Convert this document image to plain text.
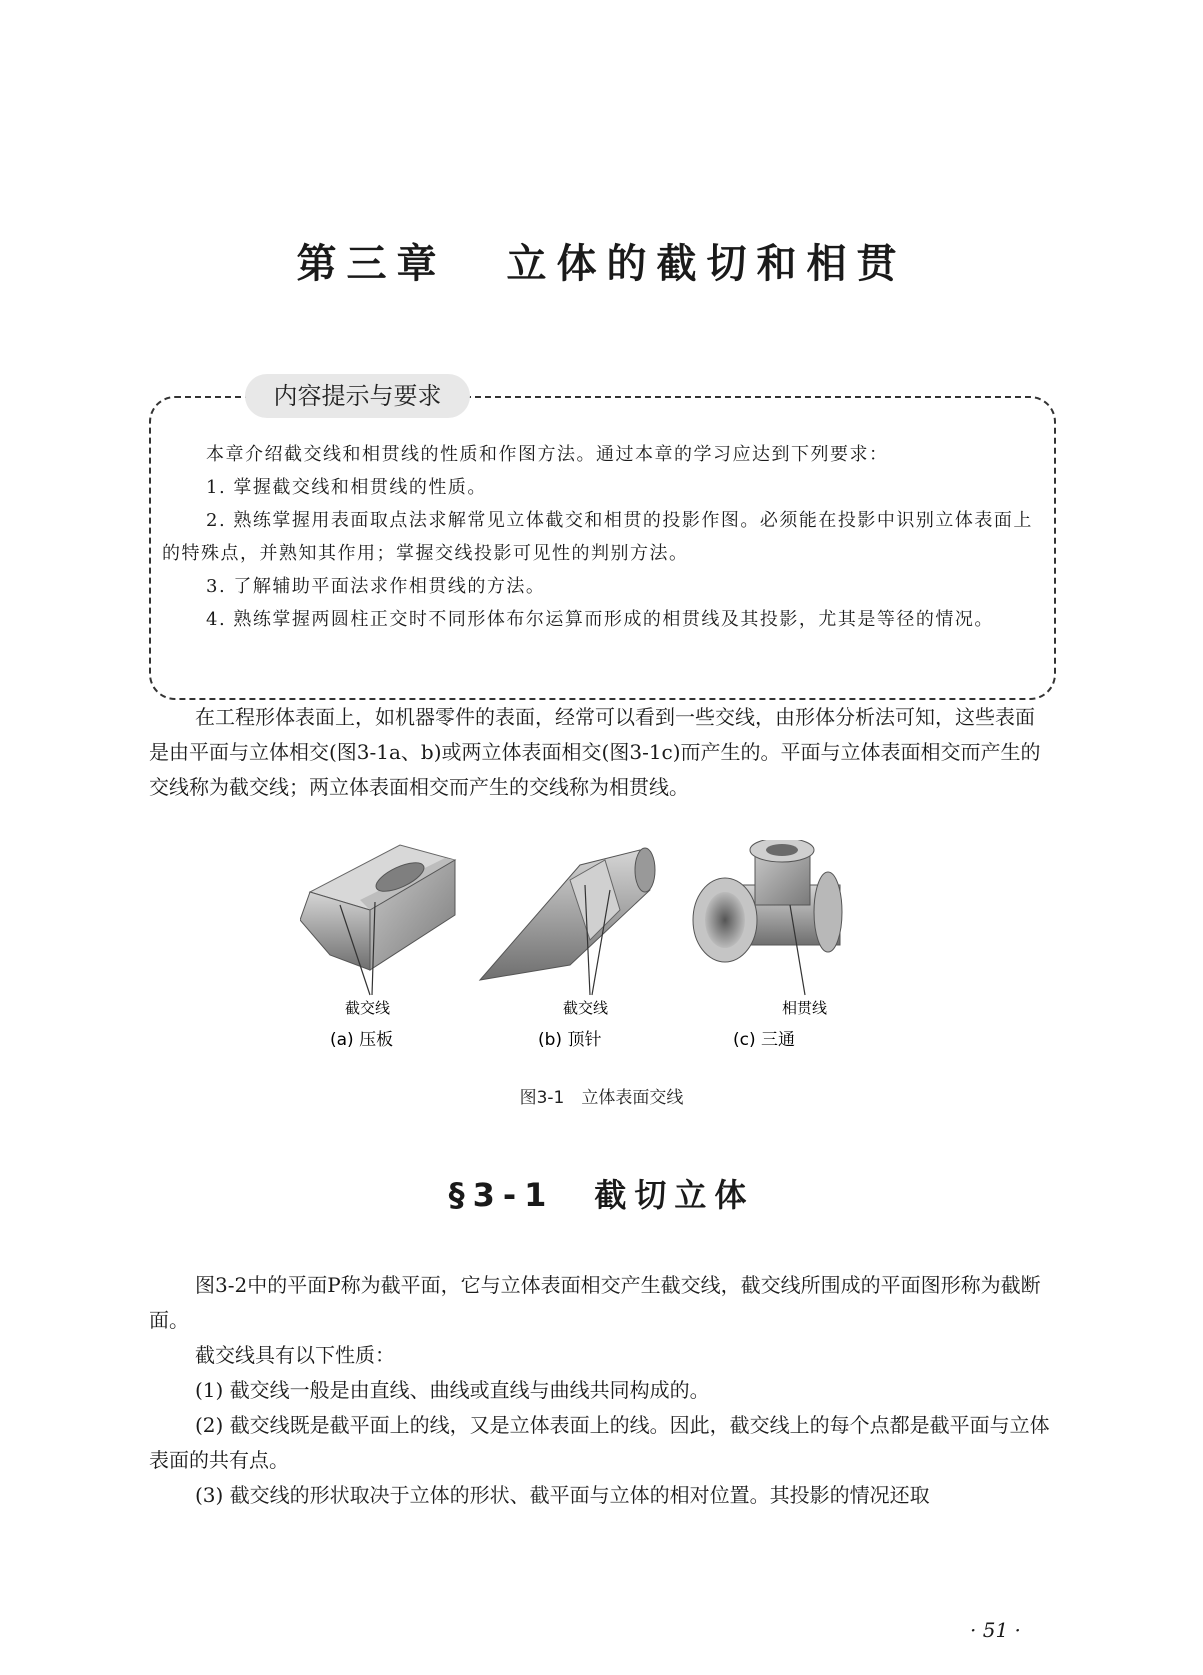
第三章 立体的截切和相贯
内容提示与要求

本章介绍截交线和相贯线的性质和作图方法。通过本章的学习应达到下列要求：

1. 掌握截交线和相贯线的性质。

2. 熟练掌握用表面取点法求解常见立体截交和相贯的投影作图。必须能在投影中识别立体表面上的特殊点，并熟知其作用；掌握交线投影可见性的判别方法。

3. 了解辅助平面法求作相贯线的方法。

4. 熟练掌握两圆柱正交时不同形体布尔运算而形成的相贯线及其投影，尤其是等径的情况。

在工程形体表面上，如机器零件的表面，经常可以看到一些交线，由形体分析法可知，这些表面是由平面与立体相交(图3-1a、b)或两立体表面相交(图3-1c)而产生的。平面与立体表面相交而产生的交线称为截交线；两立体表面相交而产生的交线称为相贯线。

截交线	截交线	相贯线
(a) 压板	(b) 顶针	(c) 三通
图3-1　立体表面交线
§3-1　截切立体

图3-2中的平面P称为截平面，它与立体表面相交产生截交线，截交线所围成的平面图形称为截断面。

截交线具有以下性质：

(1) 截交线一般是由直线、曲线或直线与曲线共同构成的。

(2) 截交线既是截平面上的线，又是立体表面上的线。因此，截交线上的每个点都是截平面与立体表面的共有点。

(3) 截交线的形状取决于立体的形状、截平面与立体的相对位置。其投影的情况还取

· 51 ·
